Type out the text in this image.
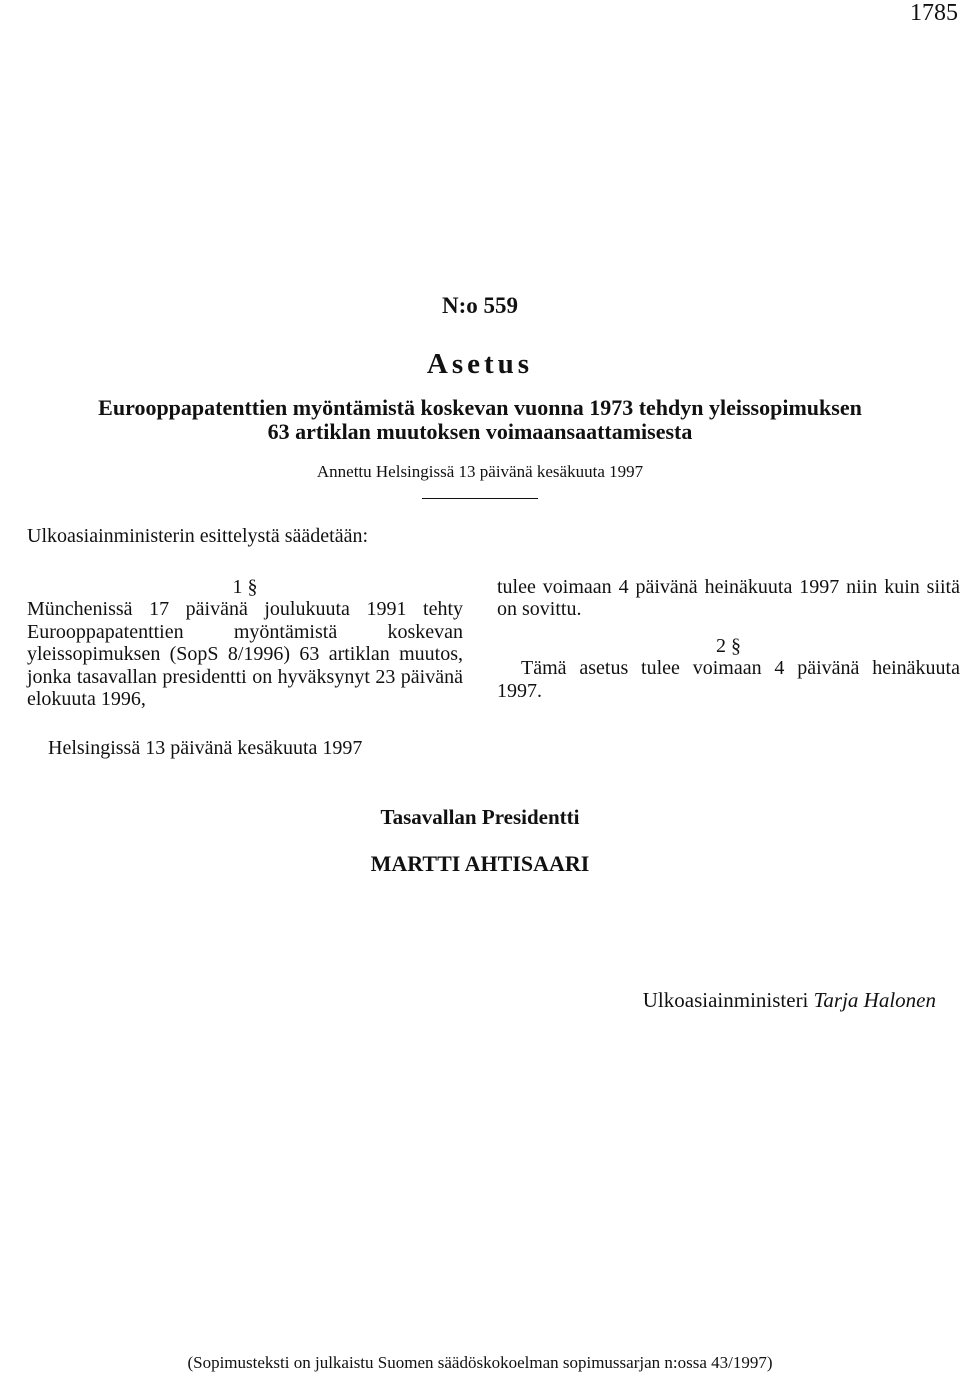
1785
N:o 559
Asetus
Eurooppapatenttien myöntämistä koskevan vuonna 1973 tehdyn yleissopimuksen
63 artiklan muutoksen voimaansaattamisesta
Annettu Helsingissä 13 päivänä kesäkuuta 1997
Ulkoasiainministerin esittelystä säädetään:

1 §

Münchenissä 17 päivänä joulukuuta 1991 tehty Eurooppapatenttien myöntämistä koskevan yleissopimuksen (SopS 8/1996) 63 artiklan muutos, jonka tasavallan presidentti on hyväksynyt 23 päivänä elokuuta 1996,

tulee voimaan 4 päivänä heinäkuuta 1997 niin kuin siitä on sovittu.

2 §

Tämä asetus tulee voimaan 4 päivänä heinäkuuta 1997.

Helsingissä 13 päivänä kesäkuuta 1997
Tasavallan Presidentti
MARTTI AHTISAARI
Ulkoasiainministeri Tarja Halonen
(Sopimusteksti on julkaistu Suomen säädöskokoelman sopimussarjan n:ossa 43/1997)
